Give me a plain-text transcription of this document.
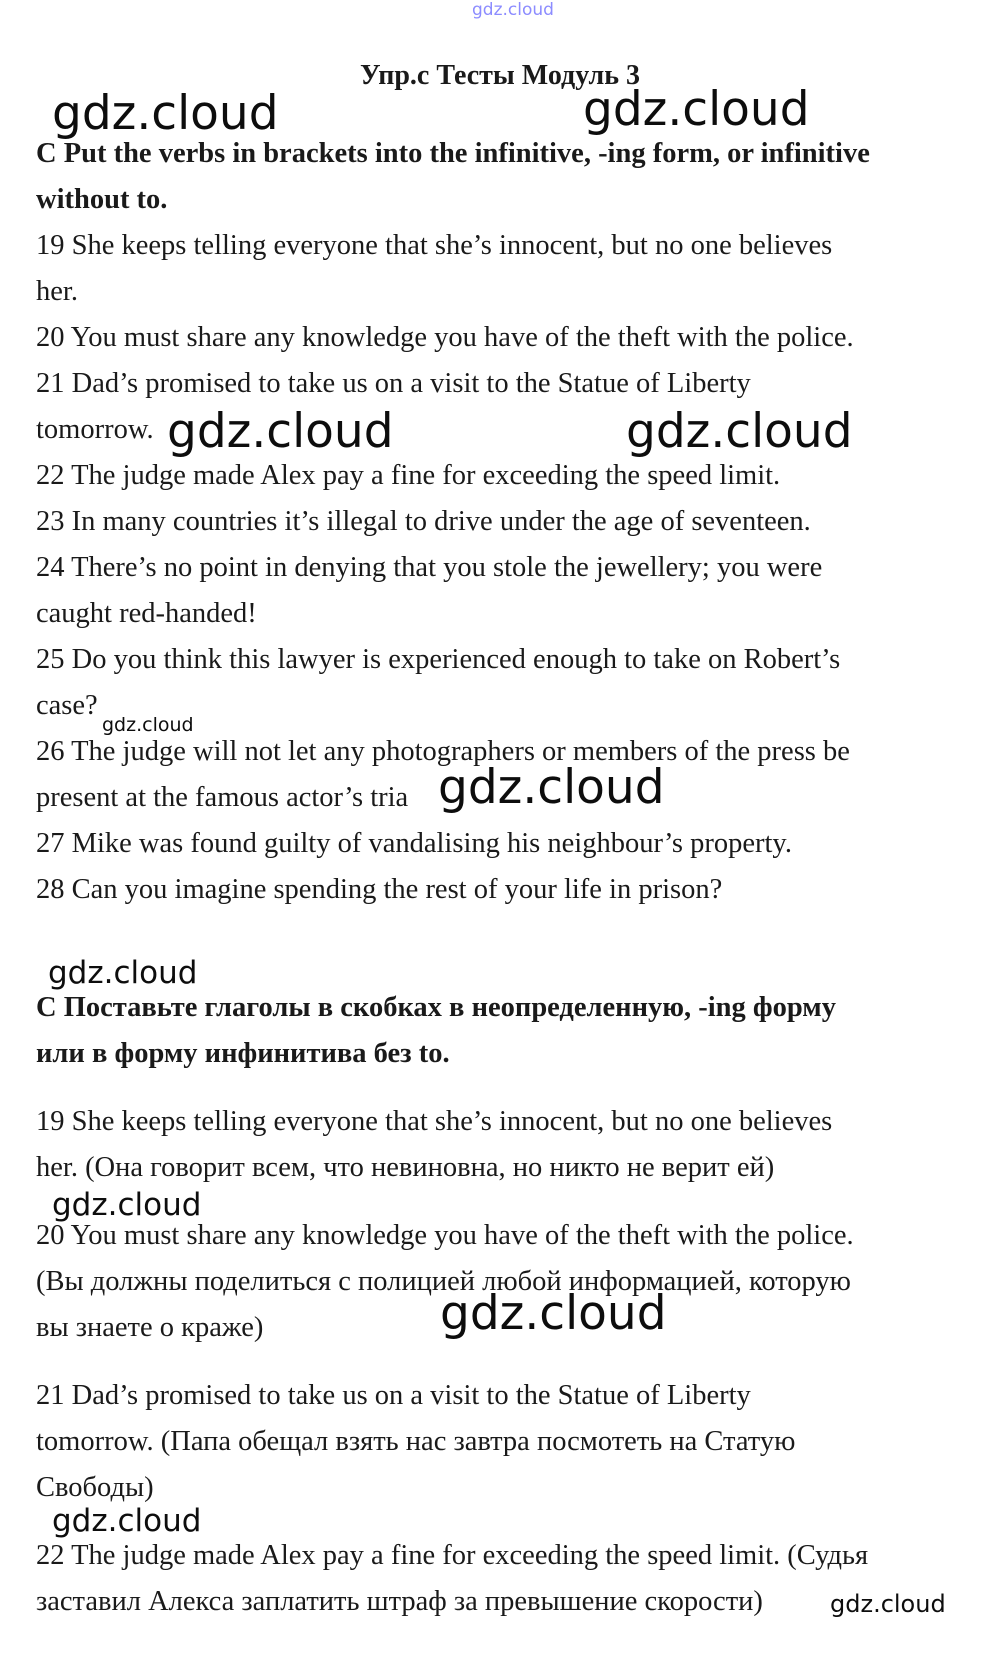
gdz.cloud
Упр.с Тесты Модуль 3
C Put the verbs in brackets into the infinitive, -ing form, or infinitive
without to.
19 She keeps telling everyone that she’s innocent, but no one believes
her.
20 You must share any knowledge you have of the theft with the police.
21 Dad’s promised to take us on a visit to the Statue of Liberty
tomorrow.
22 The judge made Alex pay a fine for exceeding the speed limit.
23 In many countries it’s illegal to drive under the age of seventeen.
24 There’s no point in denying that you stole the jewellery; you were
caught red-handed!
25 Do you think this lawyer is experienced enough to take on Robert’s
case?
26 The judge will not let any photographers or members of the press be
present at the famous actor’s tria
27 Mike was found guilty of vandalising his neighbour’s property.
28 Can you imagine spending the rest of your life in prison?
C Поставьте глаголы в скобках в неопределенную, -ing форму
или в форму инфинитива без to.
19 She keeps telling everyone that she’s innocent, but no one believes
her. (Она говорит всем, что невиновна, но никто не верит ей)
20 You must share any knowledge you have of the theft with the police.
(Вы должны поделиться с полицией любой информацией, которую
вы знаете о краже)
21 Dad’s promised to take us on a visit to the Statue of Liberty
tomorrow. (Папа обещал взять нас завтра посмотеть на Статую
Свободы)
22 The judge made Alex pay a fine for exceeding the speed limit. (Судья
заставил Алекса заплатить штраф за превышение скорости)
gdz.cloud	gdz.cloud
gdz.cloud	gdz.cloud
gdz.cloud
gdz.cloud
gdz.cloud
gdz.cloud
gdz.cloud
gdz.cloud
gdz.cloud
